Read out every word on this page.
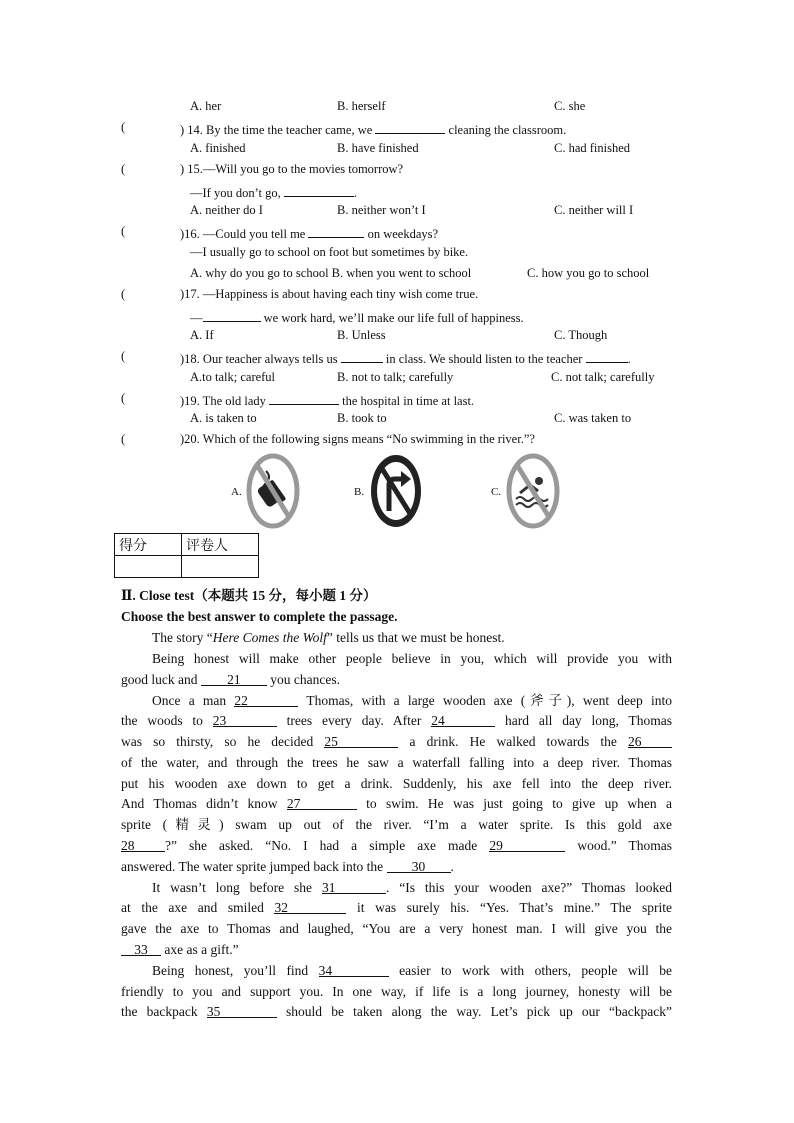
A. her	B. herself	C. she
(	) 14. By the time the teacher came, we	cleaning the classroom.
A. finished	B. have finished	C. had finished
(	) 15.—Will you go to the movies tomorrow?
—If you don’t go,	.
A. neither do I	B. neither won’t I	C. neither will I
(	)16. —Could you tell me	on weekdays?
—I usually go to school on foot but sometimes by bike.
A. why do you go to school B. when you went to school	C. how you go to school
(	)17. —Happiness is about having each tiny wish come true.
—	we work hard, we’ll make our life full of happiness.
A. If	B. Unless	C. Though
(	)18. Our teacher always tells us	in class. We should listen to the teacher	.
A.to talk; careful	B. not to talk; carefully	C. not talk; carefully
(	)19. The old lady	the hospital in time at last.
A. is taken to	B. took to	C. was taken to
(	)20. Which of the following signs means “No swimming in the river.”?
A.	B.	C.
得分	评卷人

Ⅱ. Close test（本题共 15 分，每小题 1 分）
Choose the best answer to complete the passage.
The story “Here Comes the Wolf” tells us that we must be honest.
Being honest will make other people believe in you, which will provide you with
good luck and 21 you chances.
Once a man 22	Thomas, with a large wooden axe (斧子), went deep into
the woods to 23	trees every day. After 24	hard all day long, Thomas
was so thirsty, so he decided 25	a drink. He walked towards the 26
of the water, and through the trees he saw a waterfall falling into a deep river. Thomas
put his wooden axe down to get a drink. Suddenly, his axe fell into the deep river.
And Thomas didn’t know 27	to swim. He was just going to give up when a
sprite (精灵) swam up out of the river. “I’m a water sprite. Is this gold axe
28 ?” she asked. “No. I had a simple axe made 29	wood.” Thomas
answered. The water sprite jumped back into the 30 .
It wasn’t long before she 31	. “Is this your wooden axe?” Thomas looked
at the axe and smiled 32	it was surely his. “Yes. That’s mine.” The sprite
gave the axe to Thomas and laughed, “You are a very honest man. I will give you the
33 axe as a gift.”
Being honest, you’ll find 34	easier to work with others, people will be
friendly to you and support you. In one way, if life is a long journey, honesty will be
the backpack 35	should be taken along the way. Let’s pick up our “backpack”
